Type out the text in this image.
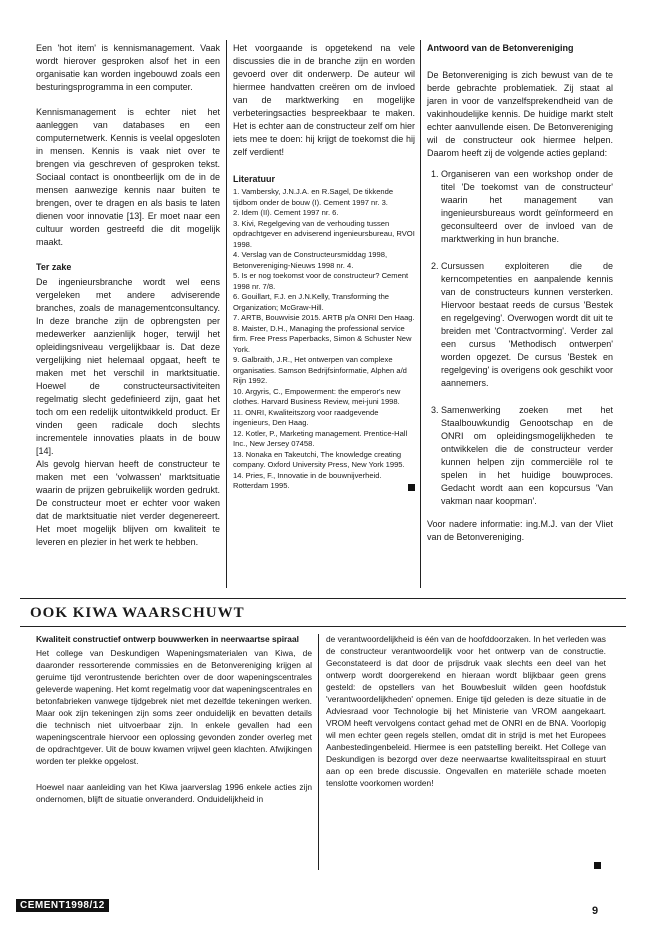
Een 'hot item' is kennismanagement. Vaak wordt hierover gesproken alsof het in een organisatie kan worden ingebouwd zoals een besturingsprogramma in een computer.

Kennismanagement is echter niet het aanleggen van databases en een computernetwerk. Kennis is veelal opgesloten in mensen. Kennis is vaak niet over te brengen via geschreven of gesproken tekst. Sociaal contact is onontbeerlijk om de in de mensen aanwezige kennis naar buiten te brengen, over te dragen en als basis te laten dienen voor innovatie [13]. Er moet naar een cultuur worden gestreefd die dit mogelijk maakt.

Ter zake

De ingenieursbranche wordt wel eens vergeleken met andere adviserende branches, zoals de managementconsultancy. In deze branche zijn de opbrengsten per medewerker aanzienlijk hoger, terwijl het opleidingsniveau vergelijkbaar is. Dat deze vergelijking niet helemaal opgaat, heeft te maken met het verschil in marktsituatie. Hoewel de constructeursactiviteiten regelmatig slecht gedefinieerd zijn, gaat het toch om een redelijk uitontwikkeld product. Er vinden geen radicale doch slechts incrementele innovaties plaats in de bouw [14].

Als gevolg hiervan heeft de constructeur te maken met een 'volwassen' marktsituatie waarin de prijzen gebruikelijk worden gedrukt. De constructeur moet er echter voor waken dat de marktsituatie niet verder degenereert. Het moet mogelijk blijven om kwaliteit te leveren en plezier in het werk te hebben.

Het voorgaande is opgetekend na vele discussies die in de branche zijn en worden gevoerd over dit onderwerp. De auteur wil hiermee handvatten creëren om de invloed van de marktwerking en mogelijke verbeteringsacties bespreekbaar te maken. Het is echter aan de constructeur zelf om hier iets mee te doen: hij krijgt de toekomst die hij zelf verdient!

Literatuur
1. Vambersky, J.N.J.A. en R.Sagel, De tikkende tijdbom onder de bouw (I). Cement 1997 nr. 3.
2. Idem (II). Cement 1997 nr. 6.
3. Kivi, Regelgeving van de verhouding tussen opdrachtgever en adviserend ingenieursbureau, RVOI 1998.
4. Verslag van de Constructeursmiddag 1998, Betonvereniging-Nieuws 1998 nr. 4.
5. Is er nog toekomst voor de constructeur? Cement 1998 nr. 7/8.
6. Gouillart, F.J. en J.N.Kelly, Transforming the Organization; McGraw-Hill.
7. ARTB, Bouwvisie 2015. ARTB p/a ONRI Den Haag.
8. Maister, D.H., Managing the professional service firm. Free Press Paperbacks, Simon & Schuster New York.
9. Galbraith, J.R., Het ontwerpen van complexe organisaties. Samson Bedrijfsinformatie, Alphen a/d Rijn 1992.
10. Argyris, C., Empowerment: the emperor's new clothes. Harvard Business Review, mei-juni 1998.
11. ONRI, Kwaliteitszorg voor raadgevende ingenieurs, Den Haag.
12. Kotler, P., Marketing management. Prentice-Hall Inc., New Jersey 07458.
13. Nonaka en Takeutchi, The knowledge creating company. Oxford University Press, New York 1995.
14. Pries, F., Innovatie in de bouwnijverheid. Rotterdam 1995.
Antwoord van de Betonvereniging

De Betonvereniging is zich bewust van de te berde gebrachte problematiek. Zij staat al jaren in voor de vanzelfsprekendheid van de vakinhoudelijke kennis. De huidige markt stelt echter aanvullende eisen. De Betonvereniging wil de constructeur ook hiermee helpen. Daarom heeft zij de volgende acties gepland:

1. Organiseren van een workshop onder de titel 'De toekomst van de constructeur' waarin het management van ingenieursbureaus wordt geïnformeerd en geconsulteerd over de invloed van de marktwerking in hun branche.
2. Cursussen exploiteren die de kerncompetenties en aanpalende kennis van de constructeurs kunnen versterken. Hiervoor bestaat reeds de cursus 'Bestek en regelgeving'. Overwogen wordt dit uit te breiden met 'Contractvorming'. Verder zal een cursus 'Methodisch ontwerpen' worden opgezet. De cursus 'Bestek en regelgeving' is overigens ook geschikt voor aannemers.
3. Samenwerking zoeken met het Staalbouwkundig Genootschap en de ONRI om opleidingsmogelijkheden te ontwikkelen die de constructeur verder kunnen helpen zijn commerciële rol te spelen in het huidige bouwproces. Gedacht wordt aan een kopcursus 'Van vakman naar koopman'.

Voor nadere informatie: ing.M.J. van der Vliet van de Betonvereniging.

OOK KIWA WAARSCHUWT
Kwaliteit constructief ontwerp bouwwerken in neerwaartse spiraal

Het college van Deskundigen Wapeningsmaterialen van Kiwa, de daaronder ressorterende commissies en de Betonvereniging krijgen al geruime tijd verontrustende berichten over de door wapeningscentrales geleverde wapening. Het komt regelmatig voor dat wapeningscentrales en betonfabrieken vanwege tijdgebrek niet met dezelfde tekeningen werken. Maar ook zijn tekeningen zijn soms zeer onduidelijk en bevatten details die technisch niet uitvoerbaar zijn. In enkele gevallen had een wapeningscentrale hiervoor een oplossing gevonden zonder overleg met de opdrachtgever. Uit de bouw kwamen vrijwel geen klachten. Afwijkingen worden ter plekke opgelost.

Hoewel naar aanleiding van het Kiwa jaarverslag 1996 enkele acties zijn ondernomen, blijft de situatie onveranderd. Onduidelijkheid in

de verantwoordelijkheid is één van de hoofddoorzaken. In het verleden was de constructeur verantwoordelijk voor het ontwerp van de constructie. Geconstateerd is dat door de prijsdruk vaak slechts een deel van het ontwerp wordt doorgerekend en hieraan wordt blijkbaar geen grens gesteld: de opstellers van het Bouwbesluit wilden geen hoofdstuk 'verantwoordelijkheden' opnemen. Enige tijd geleden is deze situatie in de Adviesraad voor Technologie bij het Ministerie van VROM aangekaart. VROM heeft vervolgens contact gehad met de ONRI en de BNA. Voorlopig wil men echter geen regels stellen, omdat dit in strijd is met het Europees Aanbestedingenbeleid. Hiermee is een patstelling bereikt. Het College van Deskundigen is bezorgd over deze neerwaartse kwaliteitsspiraal en stuurt aan op een brede discussie. Ongevallen en materiële schade moeten tenslotte voorkomen worden!

CEMENT1998/12	9
